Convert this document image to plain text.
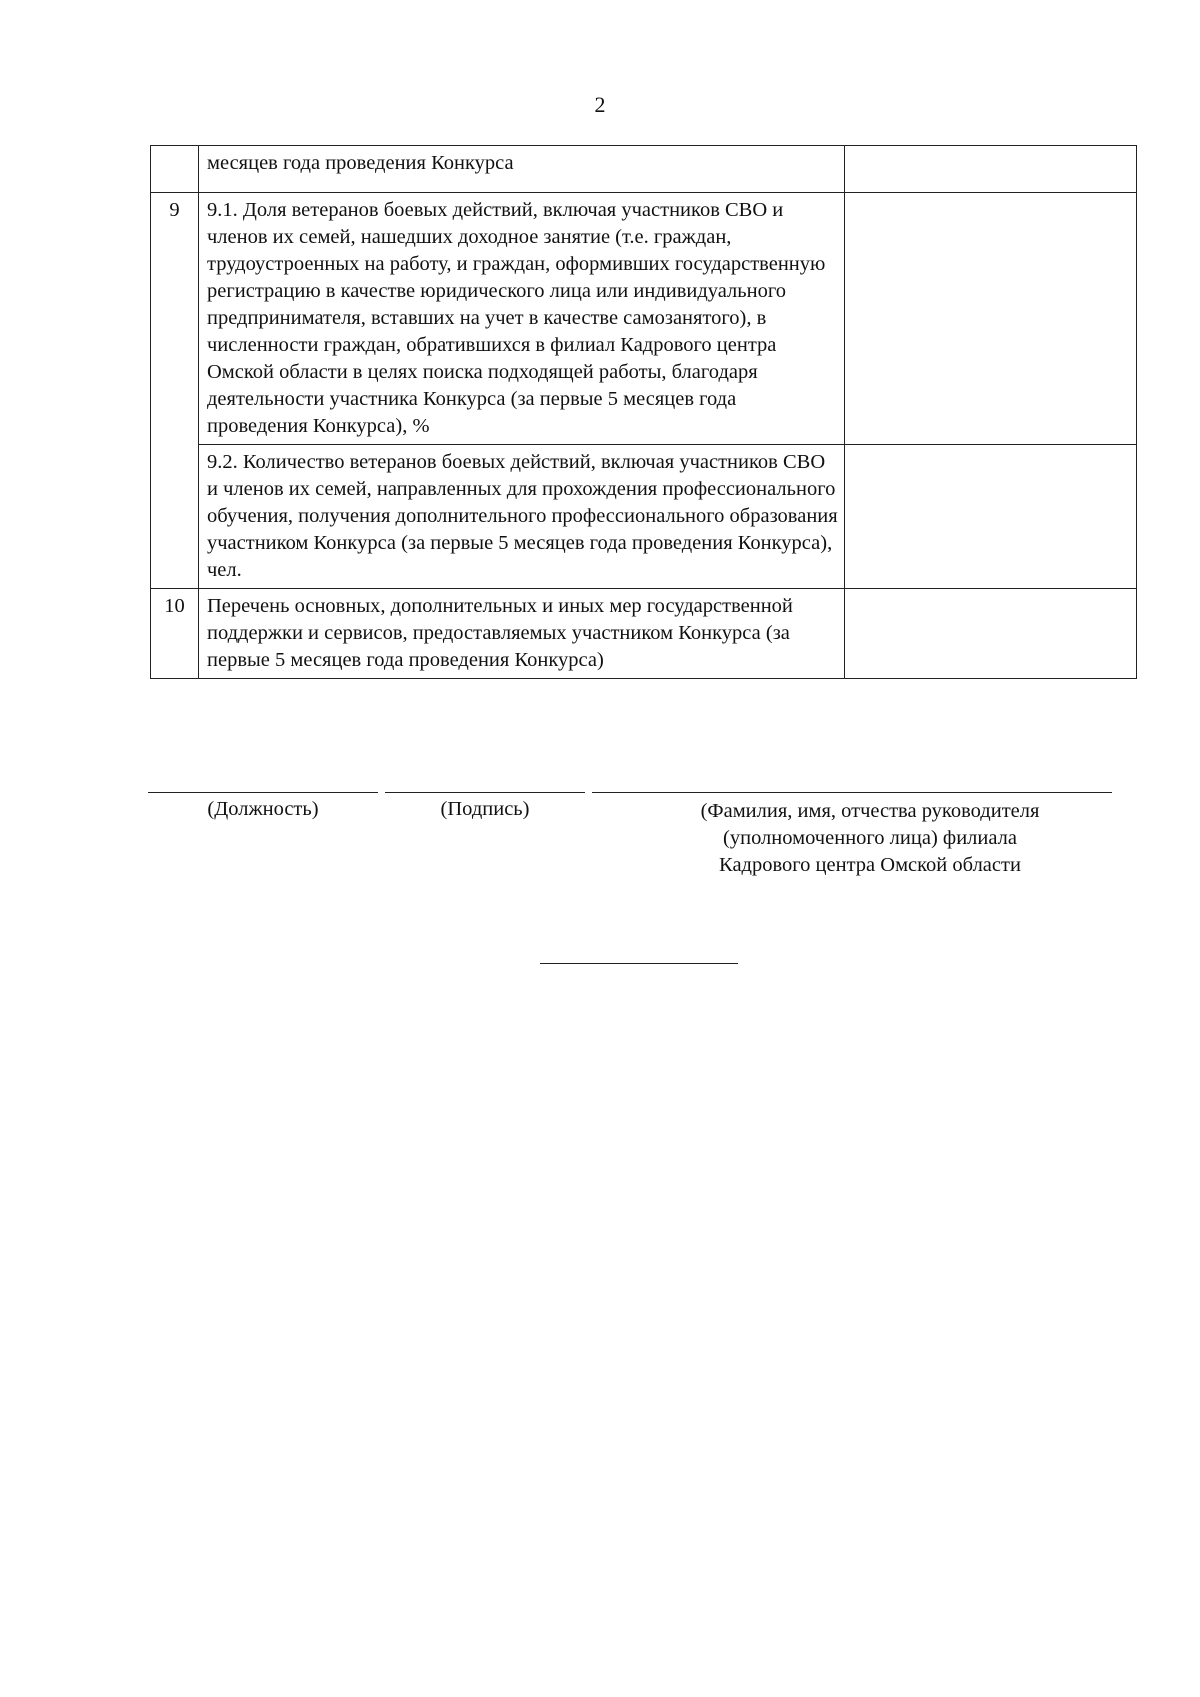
2
	месяцев года проведения Конкурса	
9	9.1. Доля ветеранов боевых действий, включая участников СВО и членов их семей, нашедших доходное занятие (т.е. граждан, трудоустроенных на работу, и граждан, оформивших государственную регистрацию в качестве юридического лица или индивидуального предпринимателя, вставших на учет в качестве самозанятого), в численности граждан, обратившихся в филиал Кадрового центра Омской области в целях поиска подходящей работы, благодаря деятельности участника Конкурса (за первые 5 месяцев года проведения Конкурса), %	
	9.2. Количество ветеранов боевых действий, включая участников СВО и членов их семей, направленных для прохождения профессионального обучения, получения дополнительного профессионального образования участником Конкурса (за первые 5 месяцев года проведения Конкурса), чел.	
10	Перечень основных, дополнительных и иных мер государственной поддержки и сервисов, предоставляемых участником Конкурса (за первые 5 месяцев года проведения Конкурса)	
(Должность)	(Подпись)	(Фамилия, имя, отчества руководителя
(уполномоченного лица) филиала
Кадрового центра Омской области
